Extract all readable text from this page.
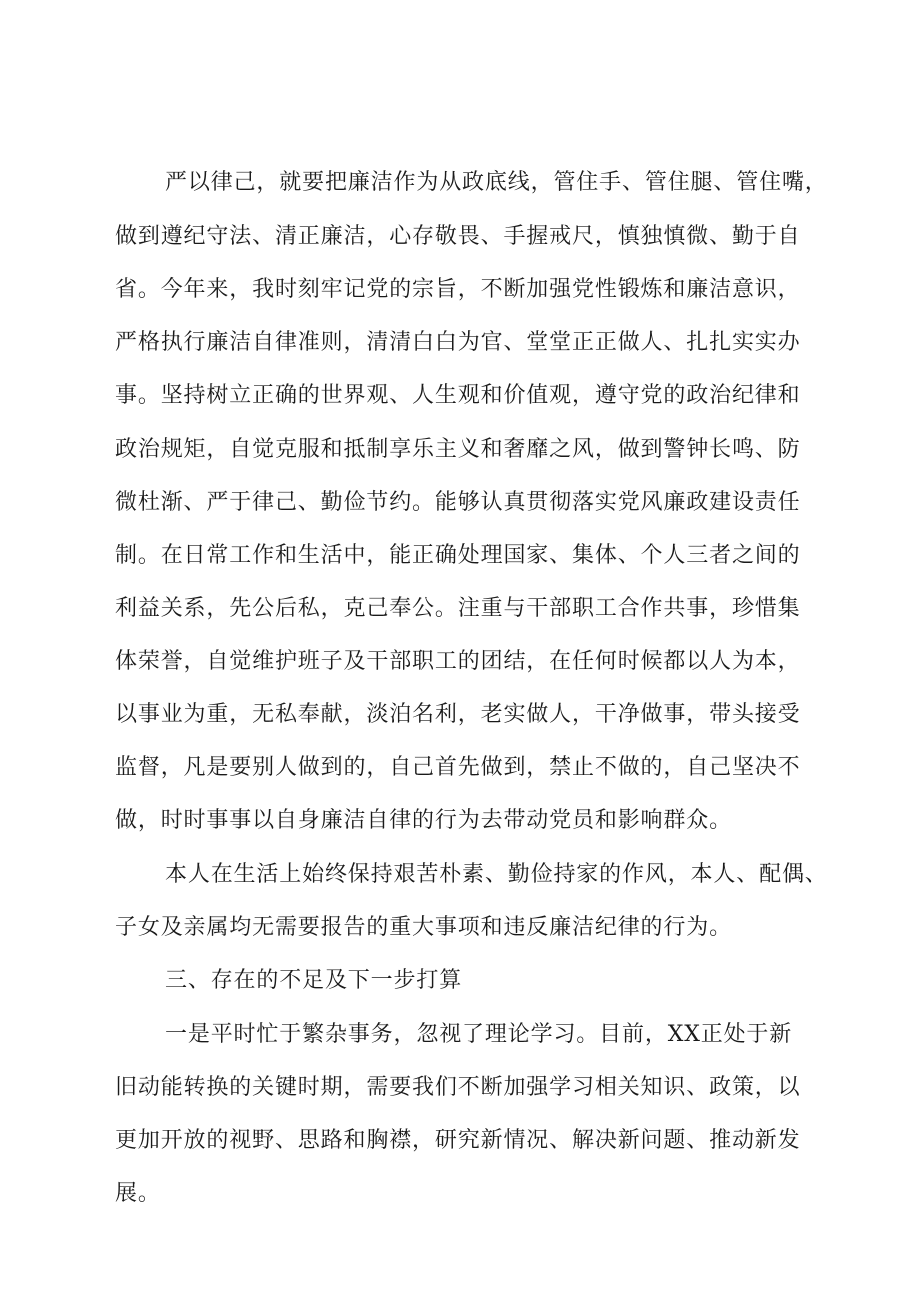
严以律己，就要把廉洁作为从政底线，管住手、管住腿、管住嘴，
做到遵纪守法、清正廉洁，心存敬畏、手握戒尺，慎独慎微、勤于自
省。今年来，我时刻牢记党的宗旨，不断加强党性锻炼和廉洁意识，
严格执行廉洁自律准则，清清白白为官、堂堂正正做人、扎扎实实办
事。坚持树立正确的世界观、人生观和价值观，遵守党的政治纪律和
政治规矩，自觉克服和抵制享乐主义和奢靡之风，做到警钟长鸣、防
微杜渐、严于律己、勤俭节约。能够认真贯彻落实党风廉政建设责任
制。在日常工作和生活中，能正确处理国家、集体、个人三者之间的
利益关系，先公后私，克己奉公。注重与干部职工合作共事，珍惜集
体荣誉，自觉维护班子及干部职工的团结，在任何时候都以人为本，
以事业为重，无私奉献，淡泊名利，老实做人，干净做事，带头接受
监督，凡是要别人做到的，自己首先做到，禁止不做的，自己坚决不
做，时时事事以自身廉洁自律的行为去带动党员和影响群众。
本人在生活上始终保持艰苦朴素、勤俭持家的作风，本人、配偶、
子女及亲属均无需要报告的重大事项和违反廉洁纪律的行为。
三、存在的不足及下一步打算
一是平时忙于繁杂事务，忽视了理论学习。目前，XX正处于新
旧动能转换的关键时期，需要我们不断加强学习相关知识、政策，以
更加开放的视野、思路和胸襟，研究新情况、解决新问题、推动新发
展。
